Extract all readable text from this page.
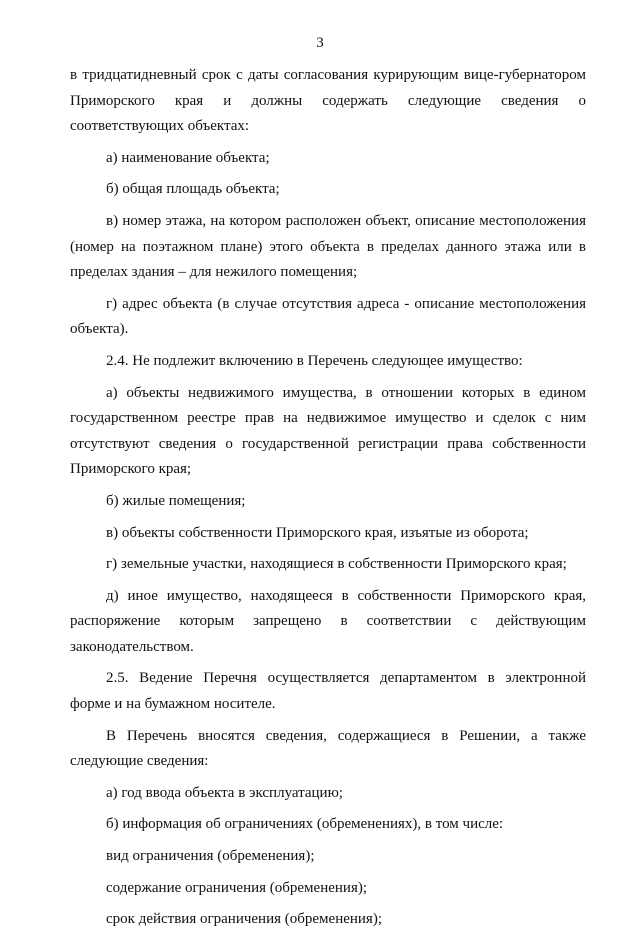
3

в тридцатидневный срок с даты согласования курирующим вице-губернатором Приморского края и должны содержать следующие сведения о соответствующих объектах:

а) наименование объекта;

б) общая площадь объекта;

в) номер этажа, на котором расположен объект, описание местоположения (номер на поэтажном плане) этого объекта в пределах данного этажа или в пределах здания – для нежилого помещения;

г) адрес объекта (в случае отсутствия адреса - описание местоположения объекта).

2.4. Не подлежит включению в Перечень следующее имущество:

а) объекты недвижимого имущества, в отношении которых в едином государственном реестре прав на недвижимое имущество и сделок с ним отсутствуют сведения о государственной регистрации права собственности Приморского края;

б) жилые помещения;

в) объекты собственности Приморского края, изъятые из оборота;

г) земельные участки, находящиеся в собственности Приморского края;

д) иное имущество, находящееся в собственности Приморского края, распоряжение которым запрещено в соответствии с действующим законодательством.

2.5. Ведение Перечня осуществляется департаментом в электронной форме и на бумажном носителе.

В Перечень вносятся сведения, содержащиеся в Решении, а также следующие сведения:

а) год ввода объекта в эксплуатацию;

б) информация об ограничениях (обременениях), в том числе:

вид ограничения (обременения);

содержание ограничения (обременения);

срок действия ограничения (обременения);
